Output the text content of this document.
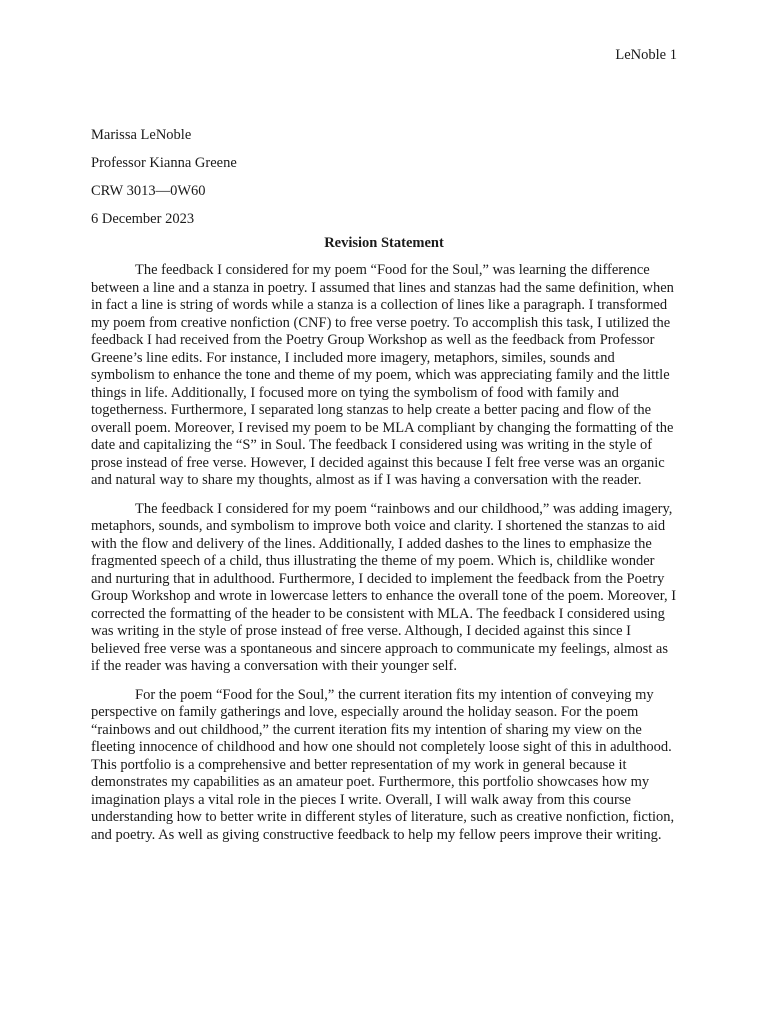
LeNoble 1
Marissa LeNoble
Professor Kianna Greene
CRW 3013—0W60
6 December 2023
Revision Statement

The feedback I considered for my poem “Food for the Soul,” was learning the difference between a line and a stanza in poetry. I assumed that lines and stanzas had the same definition, when in fact a line is string of words while a stanza is a collection of lines like a paragraph. I transformed my poem from creative nonfiction (CNF) to free verse poetry. To accomplish this task, I utilized the feedback I had received from the Poetry Group Workshop as well as the feedback from Professor Greene’s line edits. For instance, I included more imagery, metaphors, similes, sounds and symbolism to enhance the tone and theme of my poem, which was appreciating family and the little things in life. Additionally, I focused more on tying the symbolism of food with family and togetherness. Furthermore, I separated long stanzas to help create a better pacing and flow of the overall poem. Moreover, I revised my poem to be MLA compliant by changing the formatting of the date and capitalizing the “S” in Soul. The feedback I considered using was writing in the style of prose instead of free verse. However, I decided against this because I felt free verse was an organic and natural way to share my thoughts, almost as if I was having a conversation with the reader.

The feedback I considered for my poem “rainbows and our childhood,” was adding imagery, metaphors, sounds, and symbolism to improve both voice and clarity. I shortened the stanzas to aid with the flow and delivery of the lines. Additionally, I added dashes to the lines to emphasize the fragmented speech of a child, thus illustrating the theme of my poem. Which is, childlike wonder and nurturing that in adulthood. Furthermore, I decided to implement the feedback from the Poetry Group Workshop and wrote in lowercase letters to enhance the overall tone of the poem. Moreover, I corrected the formatting of the header to be consistent with MLA. The feedback I considered using was writing in the style of prose instead of free verse. Although, I decided against this since I believed free verse was a spontaneous and sincere approach to communicate my feelings, almost as if the reader was having a conversation with their younger self.

For the poem “Food for the Soul,” the current iteration fits my intention of conveying my perspective on family gatherings and love, especially around the holiday season. For the poem “rainbows and out childhood,” the current iteration fits my intention of sharing my view on the fleeting innocence of childhood and how one should not completely loose sight of this in adulthood. This portfolio is a comprehensive and better representation of my work in general because it demonstrates my capabilities as an amateur poet. Furthermore, this portfolio showcases how my imagination plays a vital role in the pieces I write. Overall, I will walk away from this course understanding how to better write in different styles of literature, such as creative nonfiction, fiction, and poetry. As well as giving constructive feedback to help my fellow peers improve their writing.
